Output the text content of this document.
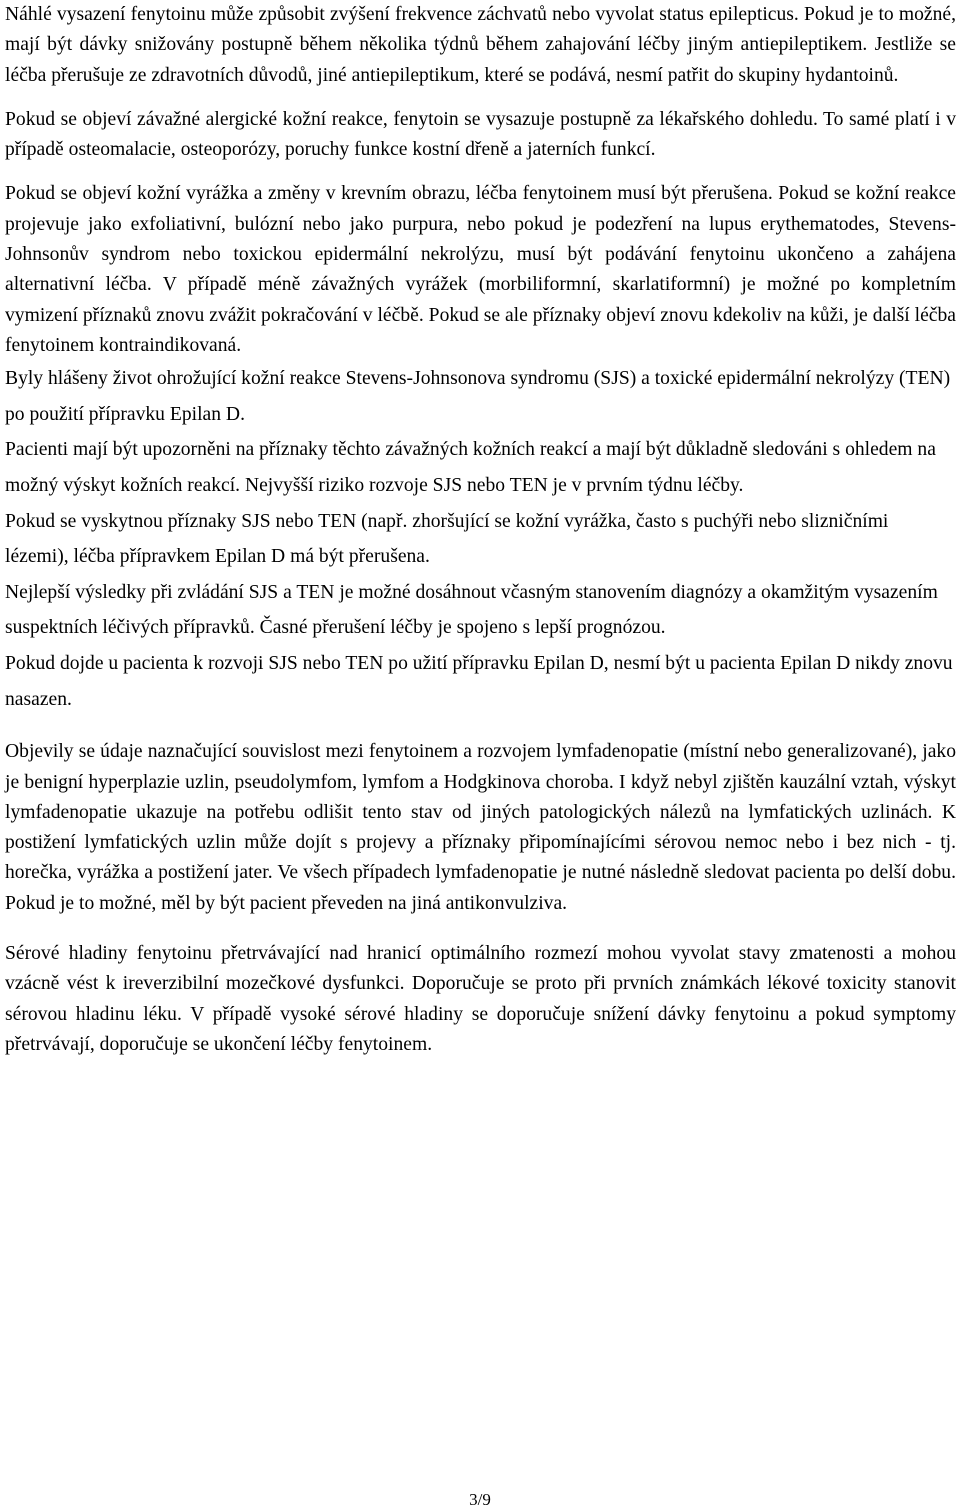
Náhlé vysazení fenytoinu může způsobit zvýšení frekvence záchvatů nebo vyvolat status epilepticus. Pokud je to možné, mají být dávky snižovány postupně během několika týdnů během zahajování léčby jiným antiepileptikem. Jestliže se léčba přerušuje ze zdravotních důvodů, jiné antiepileptikum, které se podává, nesmí patřit do skupiny hydantoinů.

Pokud se objeví závažné alergické kožní reakce, fenytoin se vysazuje postupně za lékařského dohledu. To samé platí i v případě osteomalacie, osteoporózy, poruchy funkce kostní dřeně a jaterních funkcí.

Pokud se objeví kožní vyrážka a změny v krevním obrazu, léčba fenytoinem musí být přerušena. Pokud se kožní reakce projevuje jako exfoliativní, bulózní nebo jako purpura, nebo pokud je podezření na lupus erythematodes, Stevens-Johnsonův syndrom nebo toxickou epidermální nekrolýzu, musí být podávání fenytoinu ukončeno a zahájena alternativní léčba. V případě méně závažných vyrážek (morbiliformní, skarlatiformní) je možné po kompletním vymizení příznaků znovu zvážit pokračování v léčbě. Pokud se ale příznaky objeví znovu kdekoliv na kůži, je další léčba fenytoinem kontraindikovaná.

Byly hlášeny život ohrožující kožní reakce Stevens-Johnsonova syndromu (SJS) a toxické epidermální nekrolýzy (TEN) po použití přípravku Epilan D.

Pacienti mají být upozorněni na příznaky těchto závažných kožních reakcí a mají být důkladně sledováni s ohledem na možný výskyt kožních reakcí. Nejvyšší riziko rozvoje SJS nebo TEN je v prvním týdnu léčby.

Pokud se vyskytnou příznaky SJS nebo TEN (např. zhoršující se kožní vyrážka, často s puchýři nebo slizničními lézemi), léčba přípravkem Epilan D má být přerušena.

Nejlepší výsledky při zvládání SJS a TEN je možné dosáhnout včasným stanovením diagnózy a okamžitým vysazením suspektních léčivých přípravků. Časné přerušení léčby je spojeno s lepší prognózou.

Pokud dojde u pacienta k rozvoji SJS nebo TEN po užití přípravku Epilan D, nesmí být u pacienta Epilan D nikdy znovu nasazen.

Objevily se údaje naznačující souvislost mezi fenytoinem a rozvojem lymfadenopatie (místní nebo generalizované), jako je benigní hyperplazie uzlin, pseudolymfom, lymfom a Hodgkinova choroba. I když nebyl zjištěn kauzální vztah, výskyt lymfadenopatie ukazuje na potřebu odlišit tento stav od jiných patologických nálezů na lymfatických uzlinách. K postižení lymfatických uzlin může dojít s projevy a příznaky připomínajícími sérovou nemoc nebo i bez nich - tj. horečka, vyrážka a postižení jater. Ve všech případech lymfadenopatie je nutné následně sledovat pacienta po delší dobu. Pokud je to možné, měl by být pacient převeden na jiná antikonvulziva.

Sérové hladiny fenytoinu přetrvávající nad hranicí optimálního rozmezí mohou vyvolat stavy zmatenosti a mohou vzácně vést k ireverzibilní mozečkové dysfunkci. Doporučuje se proto při prvních známkách lékové toxicity stanovit sérovou hladinu léku. V případě vysoké sérové hladiny se doporučuje snížení dávky fenytoinu a pokud symptomy přetrvávají, doporučuje se ukončení léčby fenytoinem.

3/9
